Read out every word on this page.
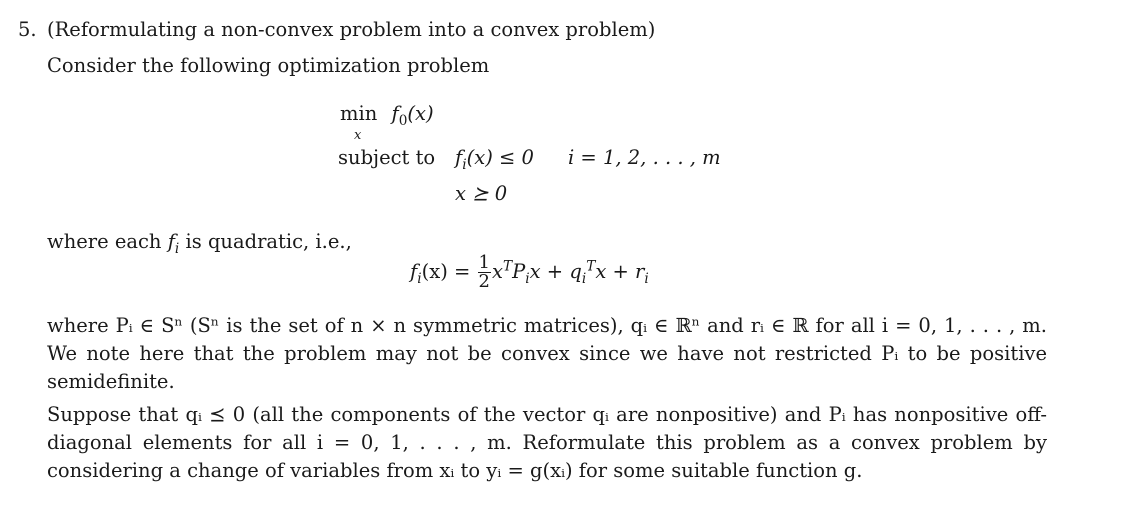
5. (Reformulating a non-convex problem into a convex problem)
Consider the following optimization problem
min
x
$f_0(x)$
subject to $f_i(x) \le 0$ i = 1, 2, . . . , m
x ⪰ 0
where each $f_i$ is quadratic, i.e.,
$f_i(x) = \frac{1}{2} x^TP_ix + q_i^Tx + r_i$
where Pᵢ ∈ Sⁿ (Sⁿ is the set of n × n symmetric matrices), qᵢ ∈ ℝⁿ and rᵢ ∈ ℝ for all i = 0, 1, . . . , m. We note here that the problem may not be convex since we have not restricted Pᵢ to be positive semidefinite.
Suppose that qᵢ ⪯ 0 (all the components of the vector qᵢ are nonpositive) and Pᵢ has nonpositive off-diagonal elements for all i = 0, 1, . . . , m. Reformulate this problem as a convex problem by considering a change of variables from xᵢ to yᵢ = g(xᵢ) for some suitable function g.
